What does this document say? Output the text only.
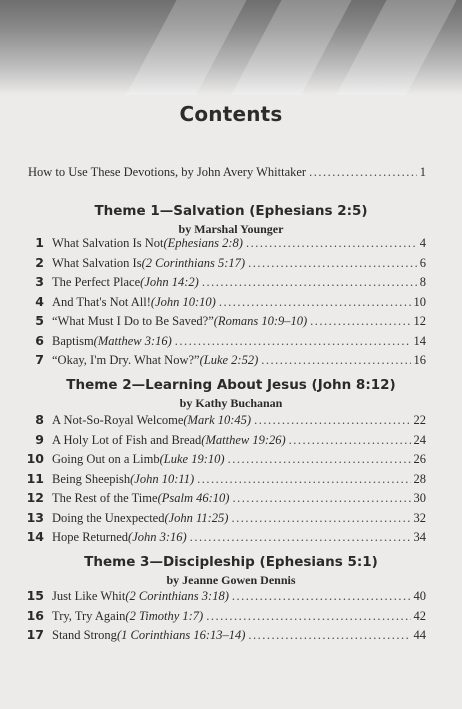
Contents
How to Use These Devotions, by John Avery Whittaker .....	1
Theme 1—Salvation (Ephesians 2:5)
by Marshal Younger
1 What Salvation Is Not (Ephesians 2:8) .....	4
2 What Salvation Is (2 Corinthians 5:17) .....	6
3 The Perfect Place (John 14:2) .....	8
4 And That's Not All! (John 10:10) .....	10
5 “What Must I Do to Be Saved?” (Romans 10:9–10) .....	12
6 Baptism (Matthew 3:16) .....	14
7 “Okay, I'm Dry. What Now?” (Luke 2:52) .....	16
Theme 2—Learning About Jesus (John 8:12)
by Kathy Buchanan
8 A Not-So-Royal Welcome (Mark 10:45) .....	22
9 A Holy Lot of Fish and Bread (Matthew 19:26) .....	24
10 Going Out on a Limb (Luke 19:10) .....	26
11 Being Sheepish (John 10:11) .....	28
12 The Rest of the Time (Psalm 46:10) .....	30
13 Doing the Unexpected (John 11:25) .....	32
14 Hope Returned (John 3:16) .....	34
Theme 3—Discipleship (Ephesians 5:1)
by Jeanne Gowen Dennis
15 Just Like Whit (2 Corinthians 3:18) .....	40
16 Try, Try Again (2 Timothy 1:7) .....	42
17 Stand Strong (1 Corinthians 16:13–14) .....	44
